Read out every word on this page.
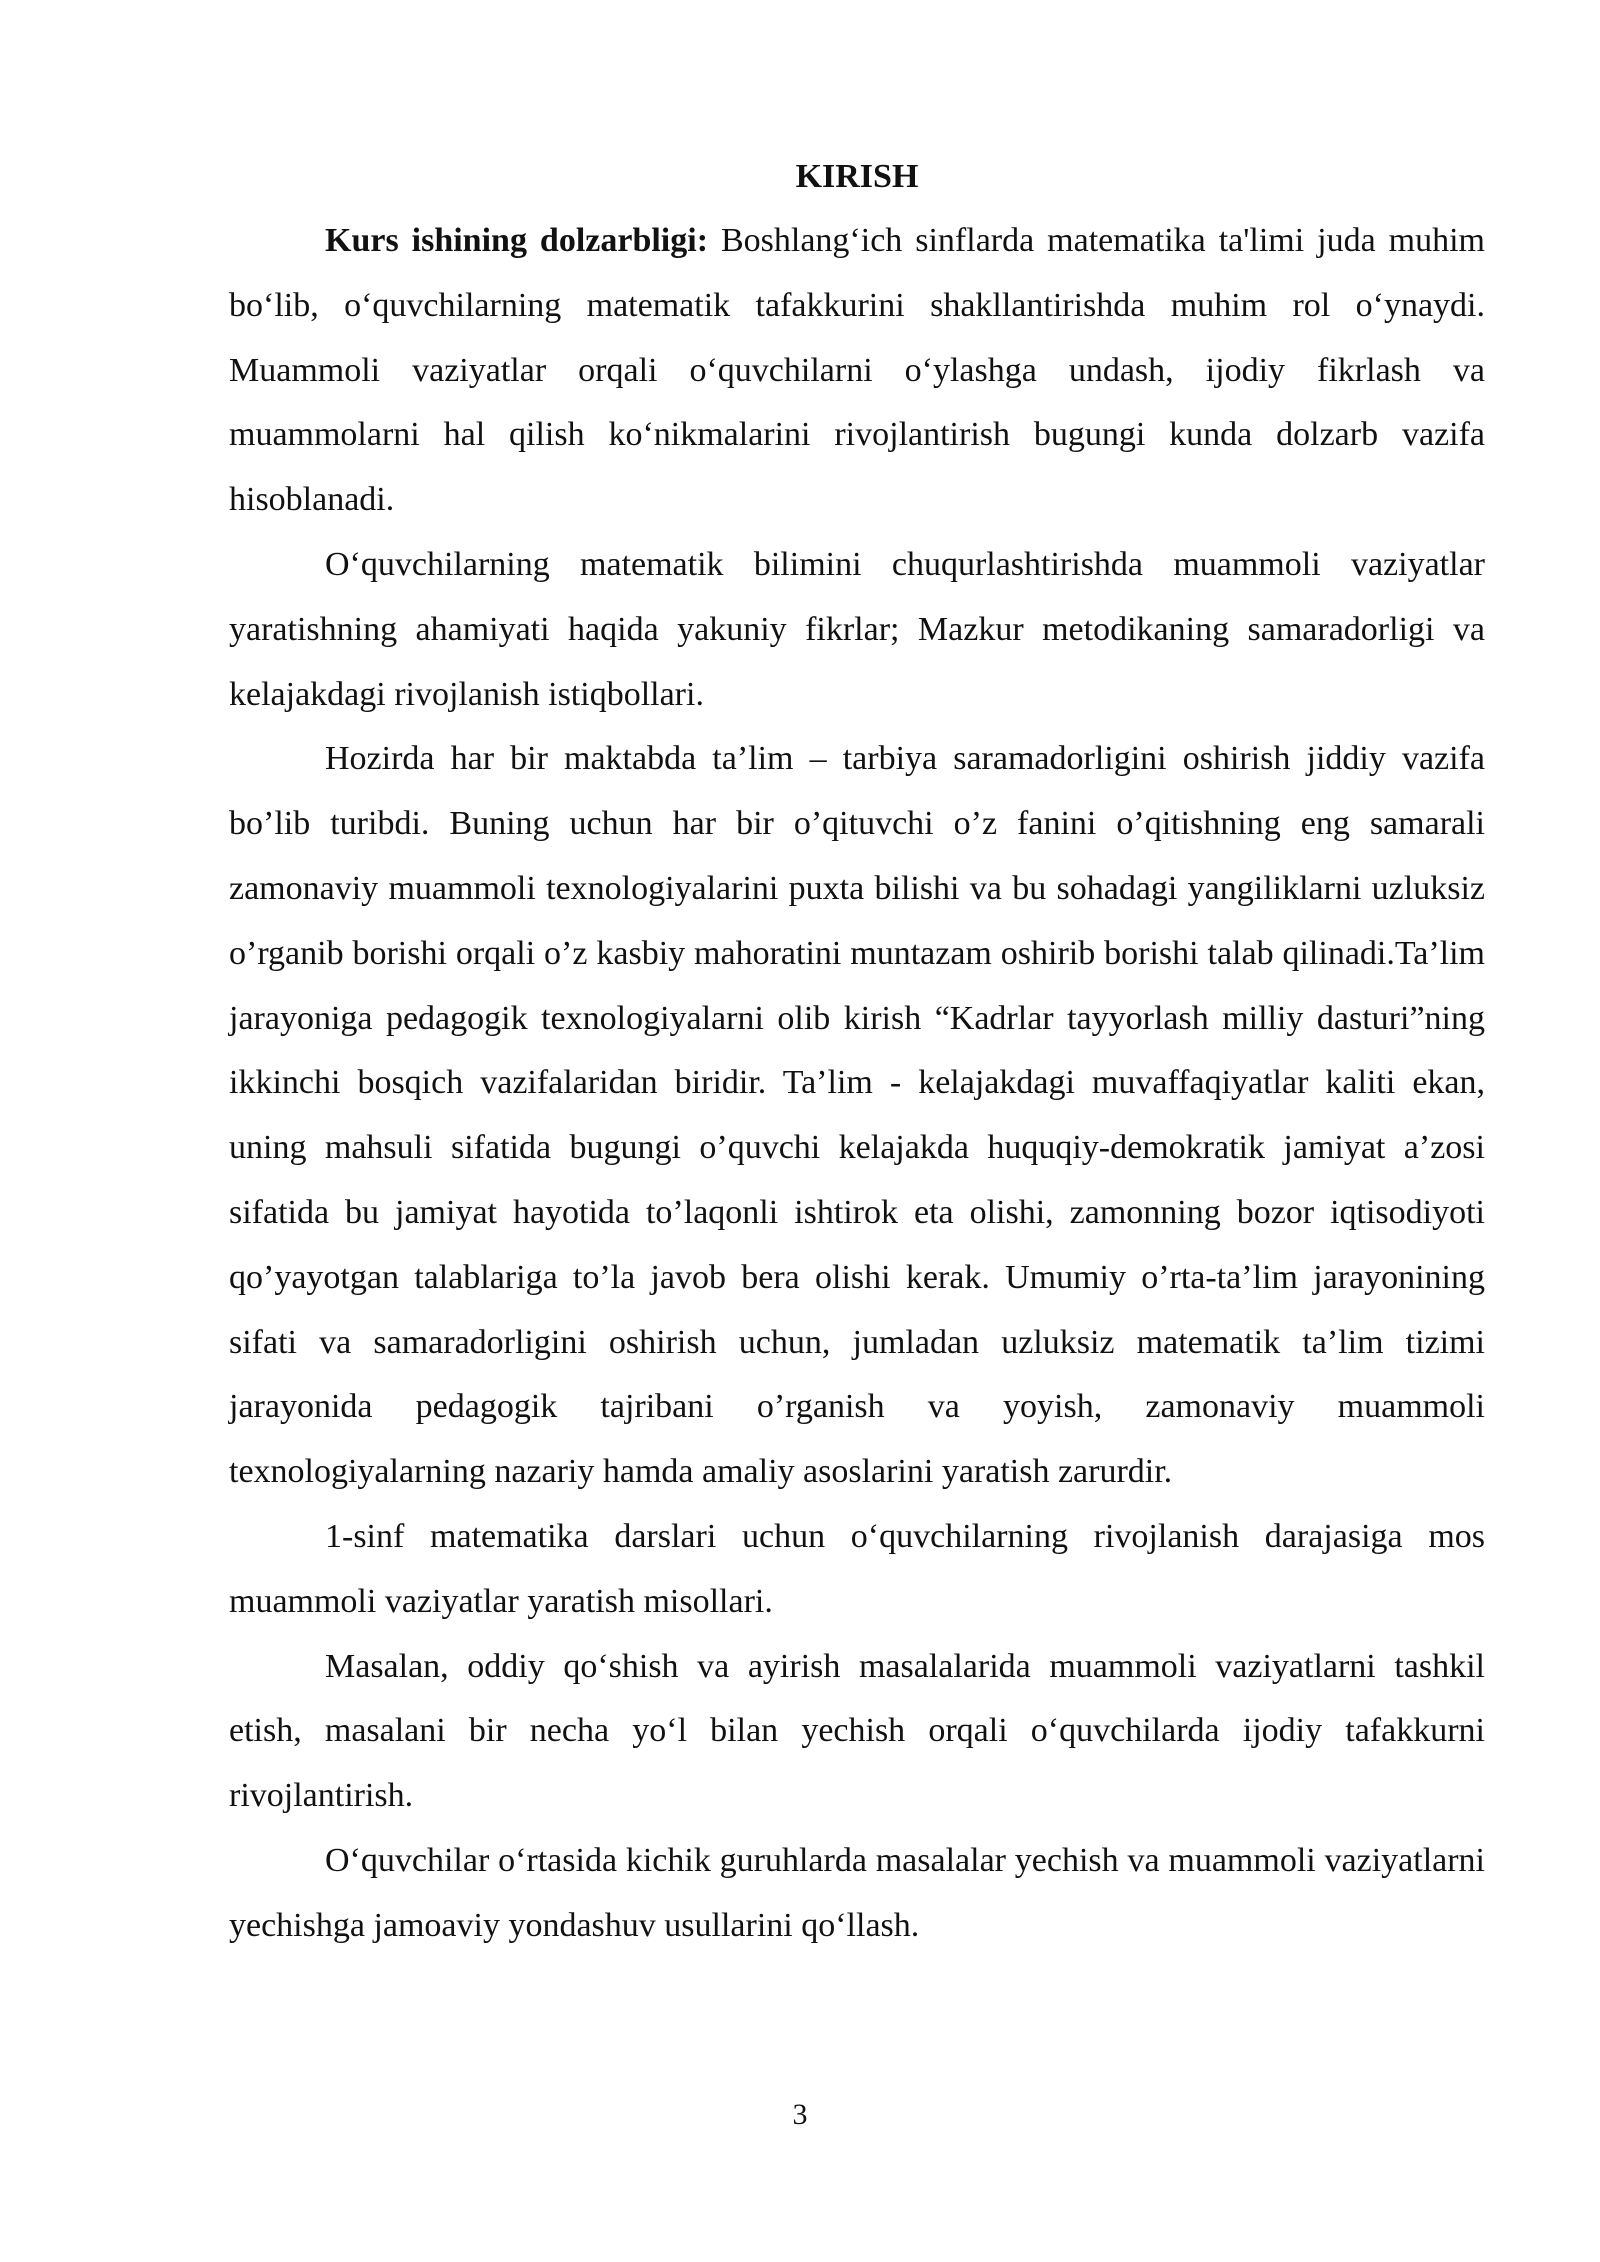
KIRISH

Kurs ishining dolzarbligi: Boshlang‘ich sinflarda matematika ta'limi juda muhim bo‘lib, o‘quvchilarning matematik tafakkurini shakllantirishda muhim rol o‘ynaydi. Muammoli vaziyatlar orqali o‘quvchilarni o‘ylashga undash, ijodiy fikrlash va muammolarni hal qilish ko‘nikmalarini rivojlantirish bugungi kunda dolzarb vazifa hisoblanadi.

O‘quvchilarning matematik bilimini chuqurlashtirishda muammoli vaziyatlar yaratishning ahamiyati haqida yakuniy fikrlar; Mazkur metodikaning samaradorligi va kelajakdagi rivojlanish istiqbollari.

Hozirda har bir maktabda ta’lim – tarbiya saramadorligini oshirish jiddiy vazifa bo’lib turibdi. Buning uchun har bir o’qituvchi o’z fanini o’qitishning eng samarali zamonaviy muammoli texnologiyalarini puxta bilishi va bu sohadagi yangiliklarni uzluksiz o’rganib borishi orqali o’z kasbiy mahoratini muntazam oshirib borishi talab qilinadi.Ta’lim jarayoniga pedagogik texnologiyalarni olib kirish “Kadrlar tayyorlash milliy dasturi”ning ikkinchi bosqich vazifalaridan biridir. Ta’lim - kelajakdagi muvaffaqiyatlar kaliti ekan, uning mahsuli sifatida bugungi o’quvchi kelajakda huquqiy-demokratik jamiyat a’zosi sifatida bu jamiyat hayotida to’laqonli ishtirok eta olishi, zamonning bozor iqtisodiyoti qo’yayotgan talablariga to’la javob bera olishi kerak. Umumiy o’rta-ta’lim jarayonining sifati va samaradorligini oshirish uchun, jumladan uzluksiz matematik ta’lim tizimi jarayonida pedagogik tajribani o’rganish va yoyish, zamonaviy muammoli texnologiyalarning nazariy hamda amaliy asoslarini yaratish zarurdir.

1-sinf matematika darslari uchun o‘quvchilarning rivojlanish darajasiga mos muammoli vaziyatlar yaratish misollari.

Masalan, oddiy qo‘shish va ayirish masalalarida muammoli vaziyatlarni tashkil etish, masalani bir necha yo‘l bilan yechish orqali o‘quvchilarda ijodiy tafakkurni rivojlantirish.

O‘quvchilar o‘rtasida kichik guruhlarda masalalar yechish va muammoli vaziyatlarni yechishga jamoaviy yondashuv usullarini qo‘llash.

3
